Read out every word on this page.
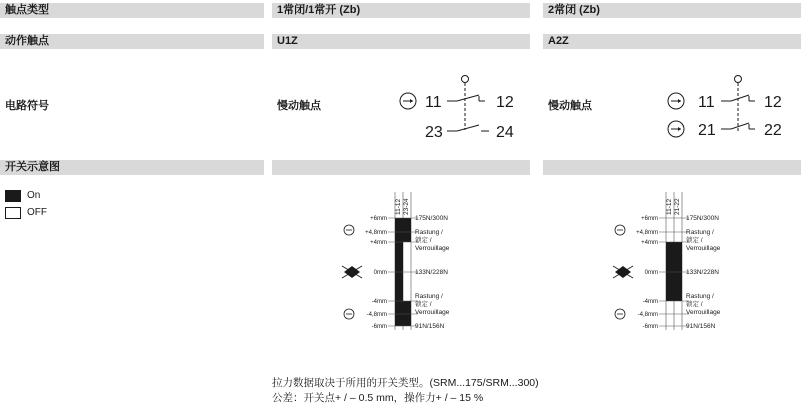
触点类型	1常闭/1常开 (Zb)	2常闭 (Zb)
动作触点	U1Z	A2Z
电路符号	慢动触点	慢动触点
11	12
23	24
11	12
21	22
开关示意图
On
OFF	11-12 23-24
+6mm
+4,8mm
+4mm
0mm
-4mm
-4,8mm
-6mm
175N/300N
Rastung /
锁定 /
Verrouillage
133N/228N
Rastung /
锁定 /
Verrouillage
91N/156N
11-12 21-22
+6mm
+4,8mm
+4mm
0mm
-4mm
-4,8mm
-6mm
175N/300N
Rastung /
锁定 /
Verrouillage
133N/228N
Rastung /
锁定 /
Verrouillage
91N/156N
拉力数据取决于所用的开关类型。(SRM...175/SRM...300)
公差：开关点+ / – 0.5 mm，操作力+ / – 15 %
